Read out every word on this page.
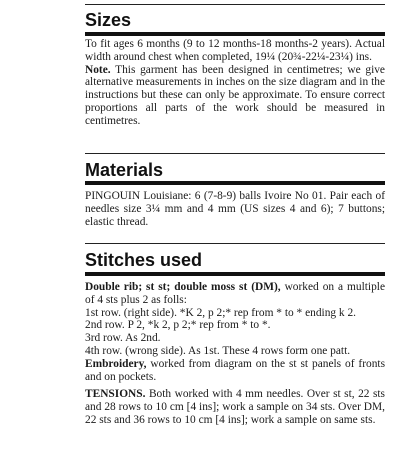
Sizes

To fit ages 6 months (9 to 12 months-18 months-2 years). Actual width around chest when completed, 19¼ (20¾-22¼-23¼) ins.

Note. This garment has been designed in centimetres; we give alternative measurements in inches on the size diagram and in the instructions but these can only be approximate. To ensure correct proportions all parts of the work should be measured in centimetres.

Materials

PINGOUIN Louisiane: 6 (7-8-9) balls Ivoire No 01. Pair each of needles size 3¼ mm and 4 mm (US sizes 4 and 6); 7 buttons; elastic thread.

Stitches used

Double rib; st st; double moss st (DM), worked on a multiple of 4 sts plus 2 as folls:

1st row. (right side). *K 2, p 2;* rep from * to * ending k 2.

2nd row. P 2, *k 2, p 2;* rep from * to *.

3rd row. As 2nd.

4th row. (wrong side). As 1st. These 4 rows form one patt.

Embroidery, worked from diagram on the st st panels of fronts and on pockets.

TENSIONS. Both worked with 4 mm needles. Over st st, 22 sts and 28 rows to 10 cm [4 ins]; work a sample on 34 sts. Over DM, 22 sts and 36 rows to 10 cm [4 ins]; work a sample on same sts.
